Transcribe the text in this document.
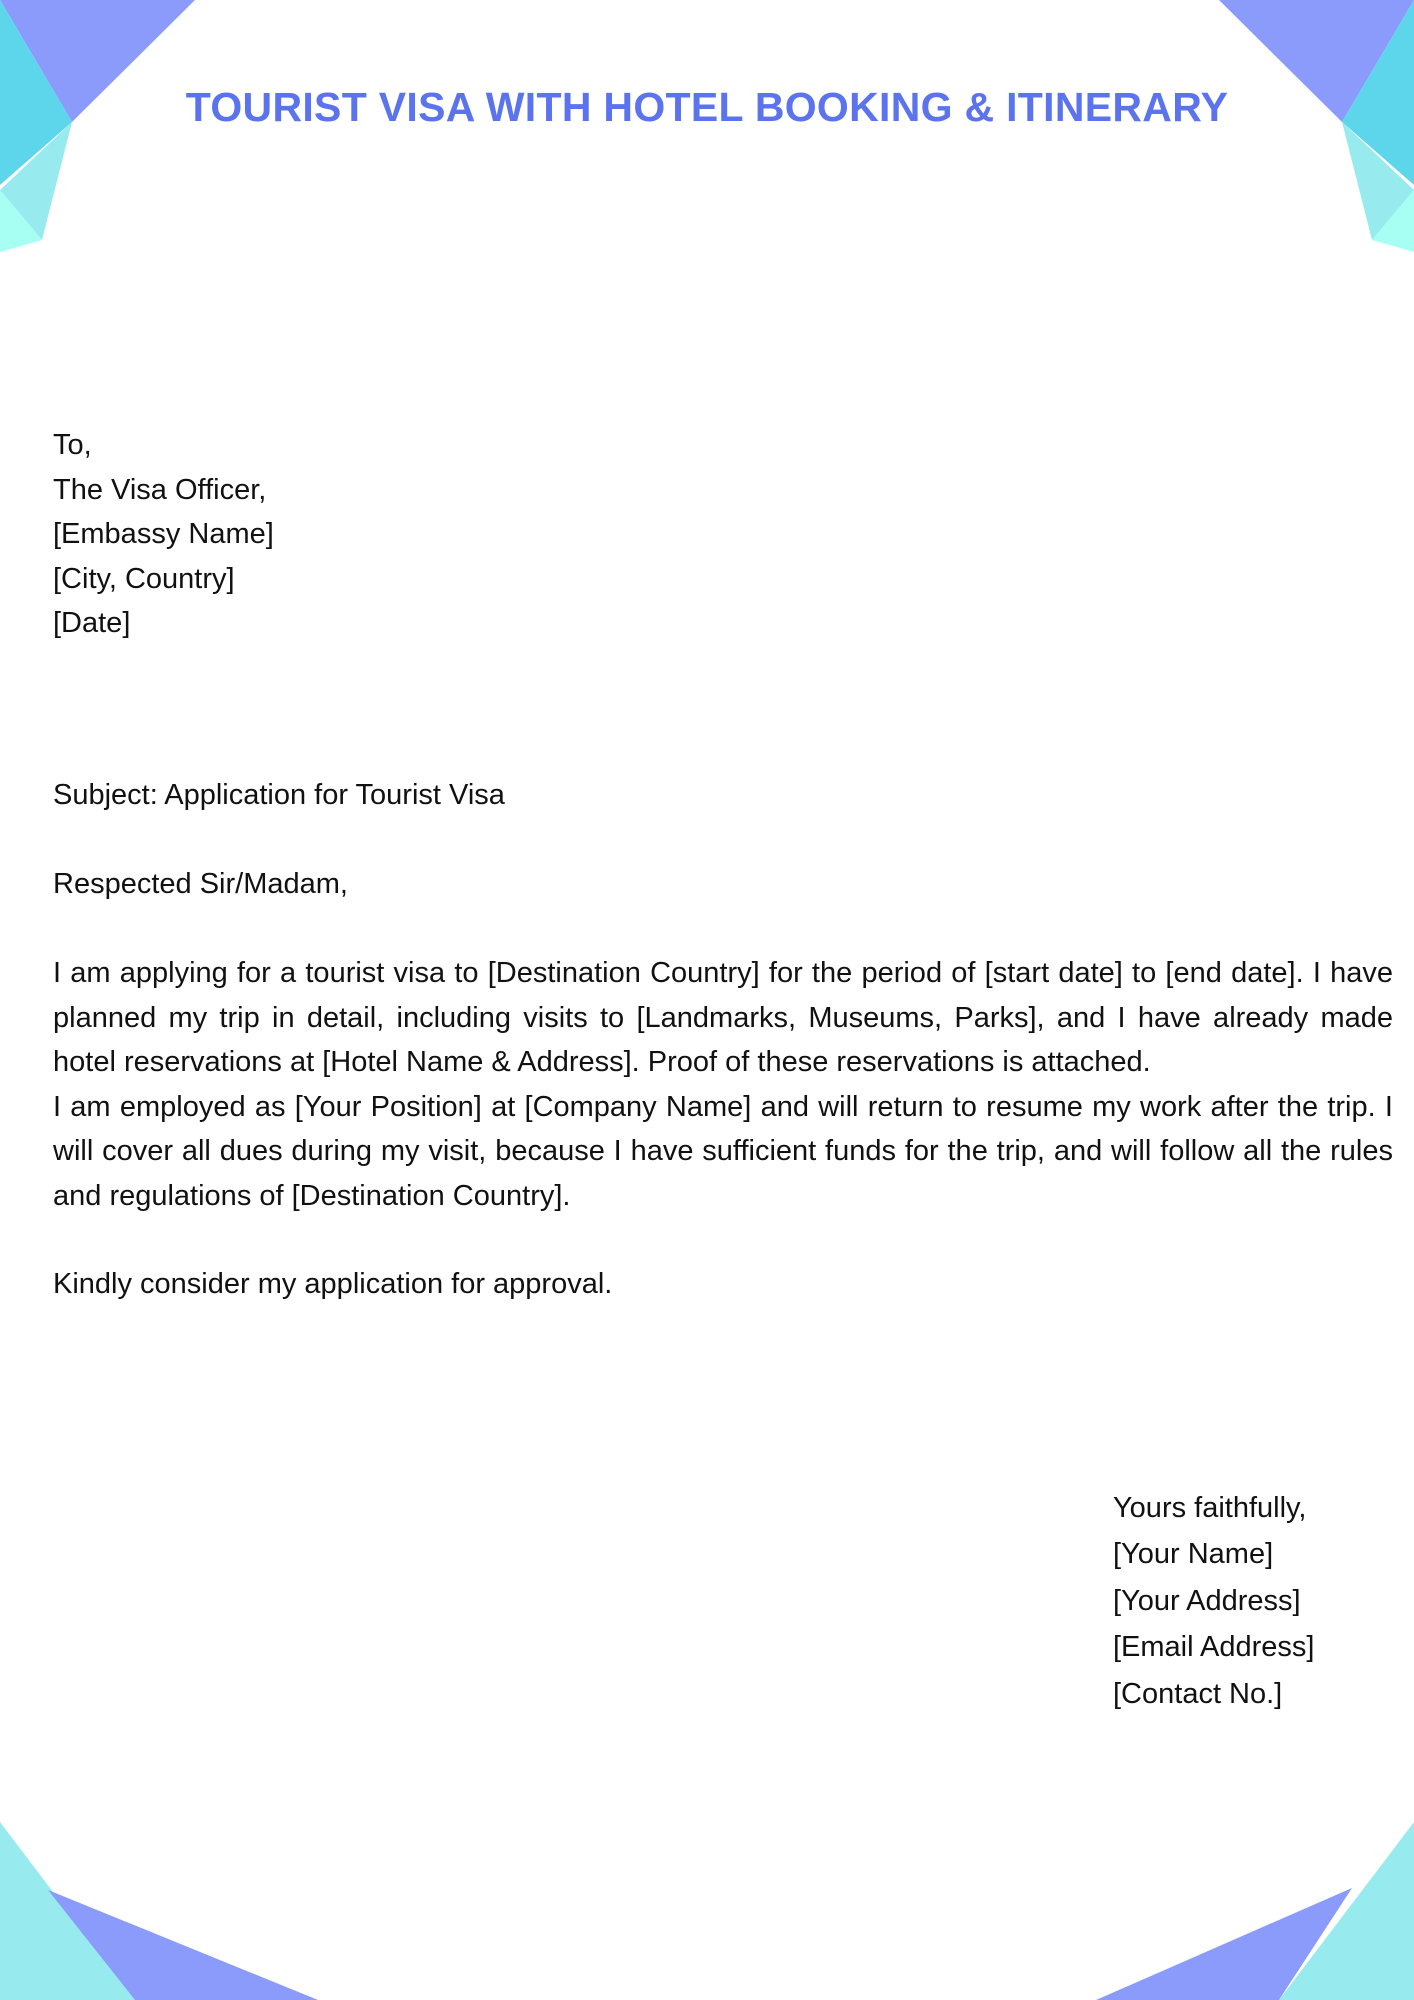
TOURIST VISA WITH HOTEL BOOKING & ITINERARY
To,
The Visa Officer,
[Embassy Name]
[City, Country]
[Date]
Subject: Application for Tourist Visa
Respected Sir/Madam,

I am applying for a tourist visa to [Destination Country] for the period of [start date] to [end date]. I have planned my trip in detail, including visits to [Landmarks, Museums, Parks], and I have already made hotel reservations at [Hotel Name & Address]. Proof of these reservations is attached.

I am employed as [Your Position] at [Company Name] and will return to resume my work after the trip. I will cover all dues during my visit, because I have sufficient funds for the trip, and will follow all the rules and regulations of [Destination Country].

Kindly consider my application for approval.
Yours faithfully,
[Your Name]
[Your Address]
[Email Address]
[Contact No.]
